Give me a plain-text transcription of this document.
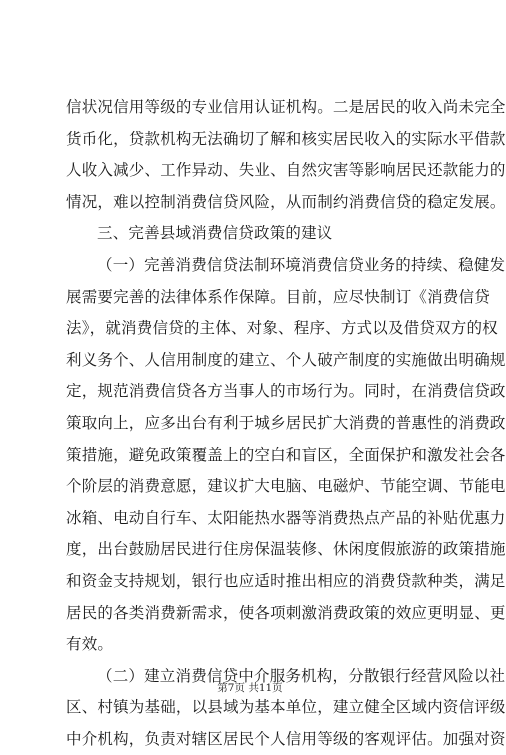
信状况信用等级的专业信用认证机构。二是居民的收入尚未完全
货币化，贷款机构无法确切了解和核实居民收入的实际水平借款
人收入减少、工作异动、失业、自然灾害等影响居民还款能力的
情况，难以控制消费信贷风险，从而制约消费信贷的稳定发展。
三、完善县域消费信贷政策的建议
（一）完善消费信贷法制环境消费信贷业务的持续、稳健发
展需要完善的法律体系作保障。目前，应尽快制订《消费信贷
法》，就消费信贷的主体、对象、程序、方式以及借贷双方的权
利义务个、人信用制度的建立、个人破产制度的实施做出明确规
定，规范消费信贷各方当事人的市场行为。同时，在消费信贷政
策取向上，应多出台有利于城乡居民扩大消费的普惠性的消费政
策措施，避免政策覆盖上的空白和盲区，全面保护和激发社会各
个阶层的消费意愿，建议扩大电脑、电磁炉、节能空调、节能电
冰箱、电动自行车、太阳能热水器等消费热点产品的补贴优惠力
度，出台鼓励居民进行住房保温装修、休闲度假旅游的政策措施
和资金支持规划，银行也应适时推出相应的消费贷款种类，满足
居民的各类消费新需求，使各项刺激消费政策的效应更明显、更
有效。
（二）建立消费信贷中介服务机构，分散银行经营风险以社
区、村镇为基础，以县域为基本单位，建立健全区域内资信评级
中介机构，负责对辖区居民个人信用等级的客观评估。加强对资
第7页 共11页
